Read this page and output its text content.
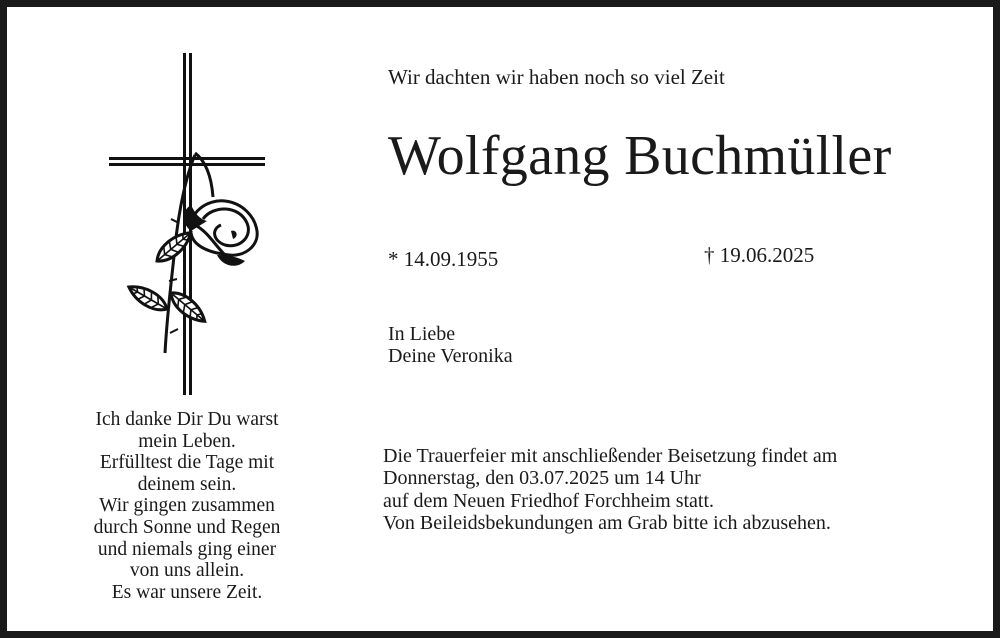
Ich danke Dir Du warst
mein Leben.
Erfülltest die Tage mit
deinem sein.
Wir gingen zusammen
durch Sonne und Regen
und niemals ging einer
von uns allein.
Es war unsere Zeit.
Wir dachten wir haben noch so viel Zeit
Wolfgang Buchmüller
* 14.09.1955	† 19.06.2025
In Liebe
Deine Veronika
Die Trauerfeier mit anschließender Beisetzung findet am
Donnerstag, den 03.07.2025 um 14 Uhr
auf dem Neuen Friedhof Forchheim statt.
Von Beileidsbekundungen am Grab bitte ich abzusehen.
